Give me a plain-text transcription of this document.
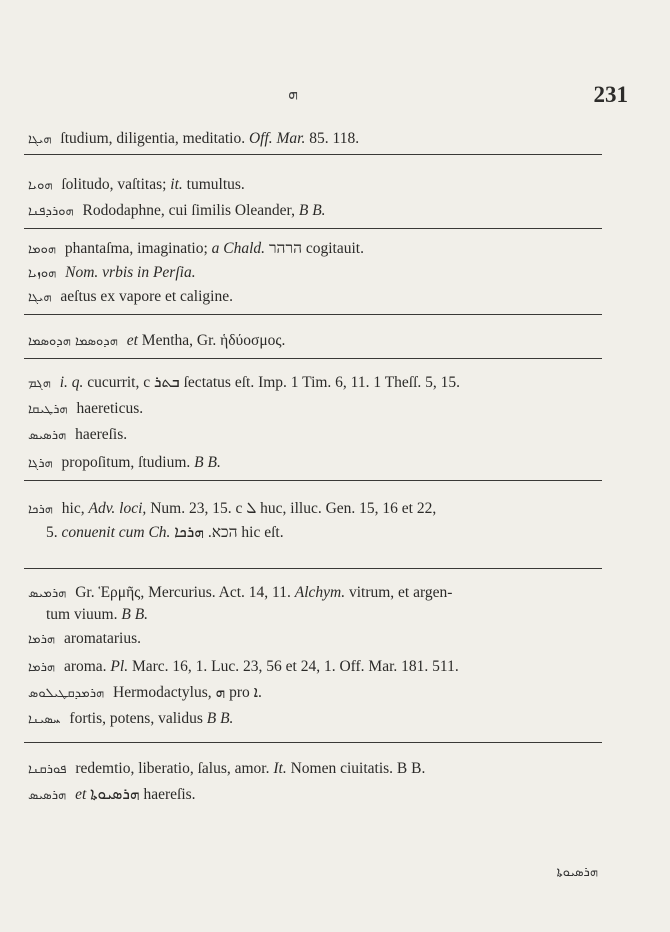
ܗ	231
ܗܝܓܐ ſtudium, diligentia, meditatio. Off. Mar. 85. 118.
ܗܘܝܐ ſolitudo, vaſtitas; it. tumultus.
ܗܘܪܕܦܢܐ Rododaphne, cui ſimilis Oleander, B B.
ܗܘܡܐ phantaſma, imaginatio; a Chald. הרהר cogitauit.
ܗܘܙܝܐ Nom. vrbis in Perſia.
ܗܝܓܐ aeſtus ex vapore et caligine.
ܗܕܘܣܡܐ ܗܕܘܣܡܐ et Mentha, Gr. ἡδύοσμος.
ܗܓܡ i. q. cucurrit, c ܒܬܪ ſectatus eſt. Imp. 1 Tim. 6, 11. 1 Theſſ. 5, 15.
ܗܪܛܝܩܐ haereticus.
ܗܪܣܝܣ haereſis.
ܗܪܓܐ propoſitum, ſtudium. B B.
ܗܪܟܐ hic, Adv. loci, Num. 23, 15. c ܠ huc, illuc. Gen. 15, 16 et 22,
5. conuenit cum Ch. הכא. ܗܪܟܐ hic eſt.
ܗܪܡܝܣ Gr. Ἑρμῆς, Mercurius. Act. 14, 11. Alchym. vitrum, et argen-
tum viuum. B B.
ܗܪܡܐ aromatarius.
ܗܪܡܐ aroma. Pl. Marc. 16, 1. Luc. 23, 56 et 24, 1. Off. Mar. 181. 511.
ܗܪܡܕܩܛܝܠܘܣ Hermodactylus, ܗ pro ܐ.
ܚܣܝܢܐ fortis, potens, validus B B.
ܦܘܪܩܢܐ redemtio, liberatio, ſalus, amor. It. Nomen ciuitatis. B B.
ܗܪܣܝܣ et ܗܪܣܝܘܬܐ haereſis.
ܗܪܣܝܘܬܐ
